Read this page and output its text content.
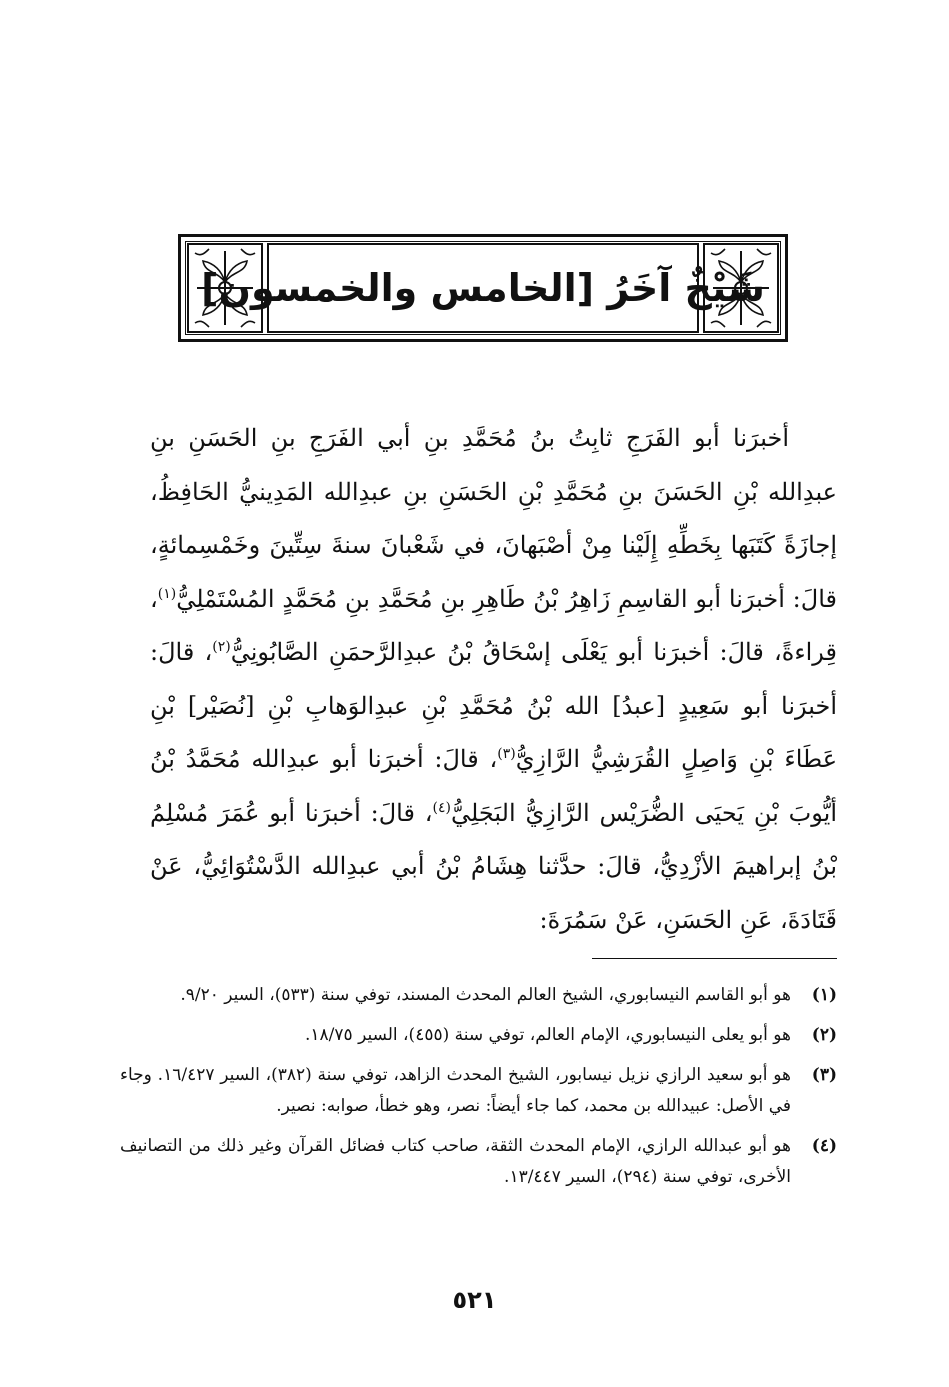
شَيْخٌ آخَرُ [الخامس والخمسون]

أخبرَنا أبو الفَرَجِ ثابِتُ بنُ مُحَمَّدِ بنِ أبي الفَرَجِ بنِ الحَسَنِ بنِ عبدِالله بْنِ الحَسَنَ بنِ مُحَمَّدِ بْنِ الحَسَنِ بنِ عبدِالله المَدِينيُّ الحَافِظُ، إجازَةً كَتَبَها بِخَطِّهِ إِلَيْنا مِنْ أصْبَهانَ، في شَعْبانَ سنةَ سِتِّينَ وخَمْسِمائةٍ، قالَ: أخبرَنا أبو القاسِمِ زَاهِرُ بْنُ طَاهِرِ بنِ مُحَمَّدِ بنِ مُحَمَّدٍ المُسْتَمْلِيُّ$^{(١)}$، قِراءةً، قالَ: أخبرَنا أبو يَعْلَى إسْحَاقُ بْنُ عبدِالرَّحمَنِ الصَّابُونِيُّ$^{(٢)}$، قالَ: أخبرَنا أبو سَعِيدٍ [عبدُ] الله بْنُ مُحَمَّدِ بْنِ عبدِالوَهابِ بْنِ [نُصَيْر] بْنِ عَطَاءَ بْنِ وَاصِلٍ القُرَشِيُّ الرَّازِيُّ$^{(٣)}$، قالَ: أخبرَنا أبو عبدِالله مُحَمَّدُ بْنُ أيُّوبَ بْنِ يَحيَى الضُّرَيْس الرَّازِيُّ البَجَلِيُّ$^{(٤)}$، قالَ: أخبرَنا أبو عُمَرَ مُسْلِمُ بْنُ إبراهيمَ الأزْدِيُّ، قالَ: حدَّثنا هِشَامُ بْنُ أبي عبدِالله الدَّسْتُوَائِيُّ، عَنْ قَتَادَةَ، عَنِ الحَسَنِ، عَنْ سَمُرَةَ:

(١)
هو أبو القاسم النيسابوري، الشيخ العالم المحدث المسند، توفي سنة (٥٣٣)، السير ٩/٢٠.
(٢)
هو أبو يعلى النيسابوري، الإمام العالم، توفي سنة (٤٥٥)، السير ١٨/٧٥.
(٣)
هو أبو سعيد الرازي نزيل نيسابور، الشيخ المحدث الزاهد، توفي سنة (٣٨٢)، السير ١٦/٤٢٧. وجاء في الأصل: عبيدالله بن محمد، كما جاء أيضاً: نصر، وهو خطأ، صوابه: نصير.
(٤)
هو أبو عبدالله الرازي، الإمام المحدث الثقة، صاحب كتاب فضائل القرآن وغير ذلك من التصانيف الأخرى، توفي سنة (٢٩٤)، السير ١٣/٤٤٧.
٥٢١
